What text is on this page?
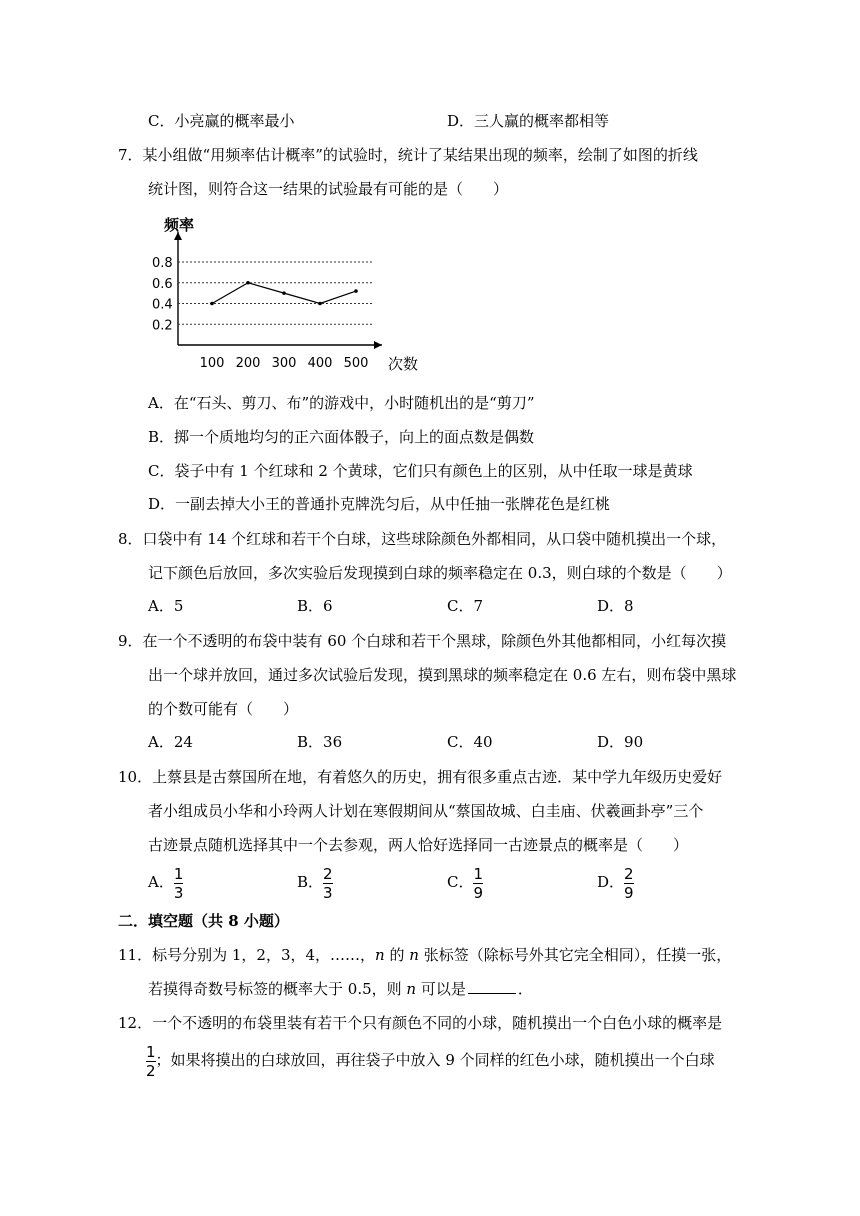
C．小亮赢的概率最小	D．三人赢的概率都相等
7．某小组做“用频率估计概率”的试验时，统计了某结果出现的频率，绘制了如图的折线
统计图，则符合这一结果的试验最有可能的是（　　）
0.8
0.6
0.4
0.2
100 200 300 400 500
频率
次数
A．在“石头、剪刀、布”的游戏中，小时随机出的是“剪刀”
B．掷一个质地均匀的正六面体骰子，向上的面点数是偶数
C．袋子中有 1 个红球和 2 个黄球，它们只有颜色上的区别，从中任取一球是黄球
D．一副去掉大小王的普通扑克牌洗匀后，从中任抽一张牌花色是红桃
8．口袋中有 14 个红球和若干个白球，这些球除颜色外都相同，从口袋中随机摸出一个球，
记下颜色后放回，多次实验后发现摸到白球的频率稳定在 0.3，则白球的个数是（　　）
A．5	B．6	C．7	D．8
9．在一个不透明的布袋中装有 60 个白球和若干个黑球，除颜色外其他都相同，小红每次摸
出一个球并放回，通过多次试验后发现，摸到黑球的频率稳定在 0.6 左右，则布袋中黑球
的个数可能有（　　）
A．24	B．36	C．40	D．90
10．上蔡县是古蔡国所在地，有着悠久的历史，拥有很多重点古迹．某中学九年级历史爱好
者小组成员小华和小玲两人计划在寒假期间从“蔡国故城、白圭庙、伏羲画卦亭”三个
古迹景点随机选择其中一个去参观，两人恰好选择同一古迹景点的概率是（　　）
A． $\frac{1}{3}$	B． $\frac{2}{3}$	C． $\frac{1}{9}$	D． $\frac{2}{9}$
二．填空题（共 8 小题）
11．标号分别为 1，2，3，4，……，n 的 n 张标签（除标号外其它完全相同），任摸一张，
若摸得奇数号标签的概率大于 0.5，则 n 可以是	．
12．一个不透明的布袋里装有若干个只有颜色不同的小球，随机摸出一个白色小球的概率是
$\frac{1}{2}$ ；如果将摸出的白球放回，再往袋子中放入 9 个同样的红色小球，随机摸出一个白球
